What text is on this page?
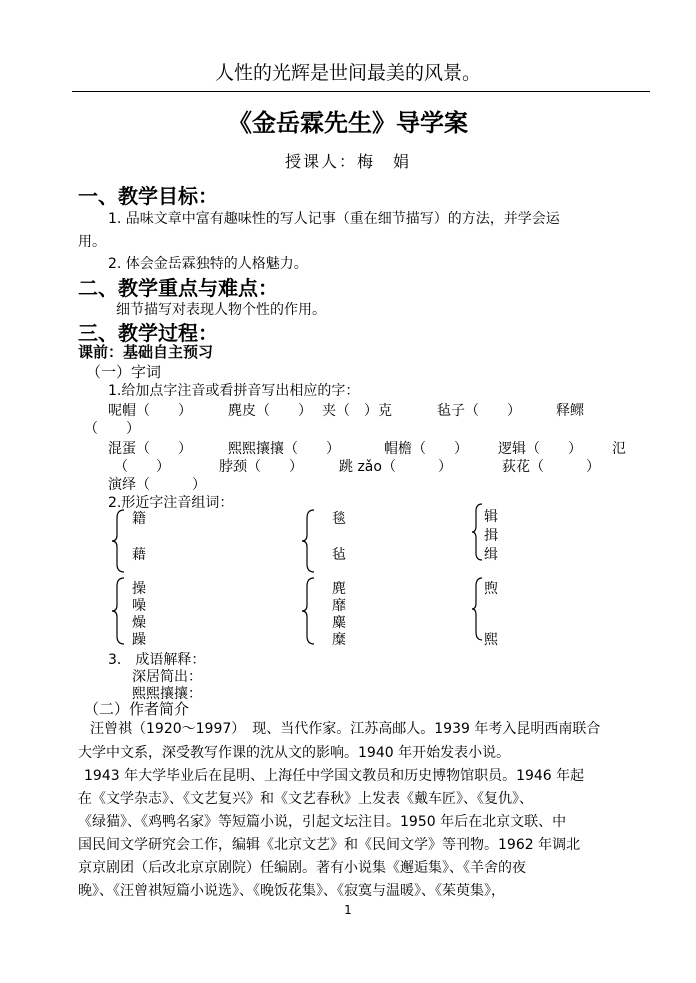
人性的光辉是世间最美的风景。
《金岳霖先生》导学案
授课人：梅　娟
一、教学目标：
1. 品味文章中富有趣味性的写人记事（重在细节描写）的方法，并学会运
用。
2. 体会金岳霖独特的人格魅力。
二、教学重点与难点：
细节描写对表现人物个性的作用。
三、教学过程：
课前：基础自主预习
（一）字词
1.给加点字注音或看拼音写出相应的字：
呢帽（　　）	麂皮（　　） 夹（　）克	毡子（　　）	释鳏
（　　）
混蛋（　　）	熙熙攘攘（　　）	帽檐（　　） 逻辑（　　） 氾
（　　）	脖颈（　　）	跳 zǎo（　　　）	荻花（　　　）
演绎（　　　）
2.形近字注音组词：
籍
藉
毯
毡
辑
揖
缉
操
噪
燥
躁
麂
靡
麋
糜
煦
熙
3.　成语解释：
深居简出：
熙熙攘攘：
（二）作者简介
汪曾祺（1920～1997）　现、当代作家。江苏高邮人。1939 年考入昆明西南联合
大学中文系，深受教写作课的沈从文的影响。1940 年开始发表小说。
1943 年大学毕业后在昆明、上海任中学国文教员和历史博物馆职员。1946 年起
在《文学杂志》、《文艺复兴》和《文艺春秋》上发表《戴车匠》、《复仇》、
《绿猫》、《鸡鸭名家》等短篇小说，引起文坛注目。1950 年后在北京文联、中
国民间文学研究会工作，编辑《北京文艺》和《民间文学》等刊物。1962 年调北
京京剧团（后改北京京剧院）任编剧。著有小说集《邂逅集》、《羊舍的夜
晚》、《汪曾祺短篇小说选》、《晚饭花集》、《寂寞与温暖》、《茱萸集》，
1
